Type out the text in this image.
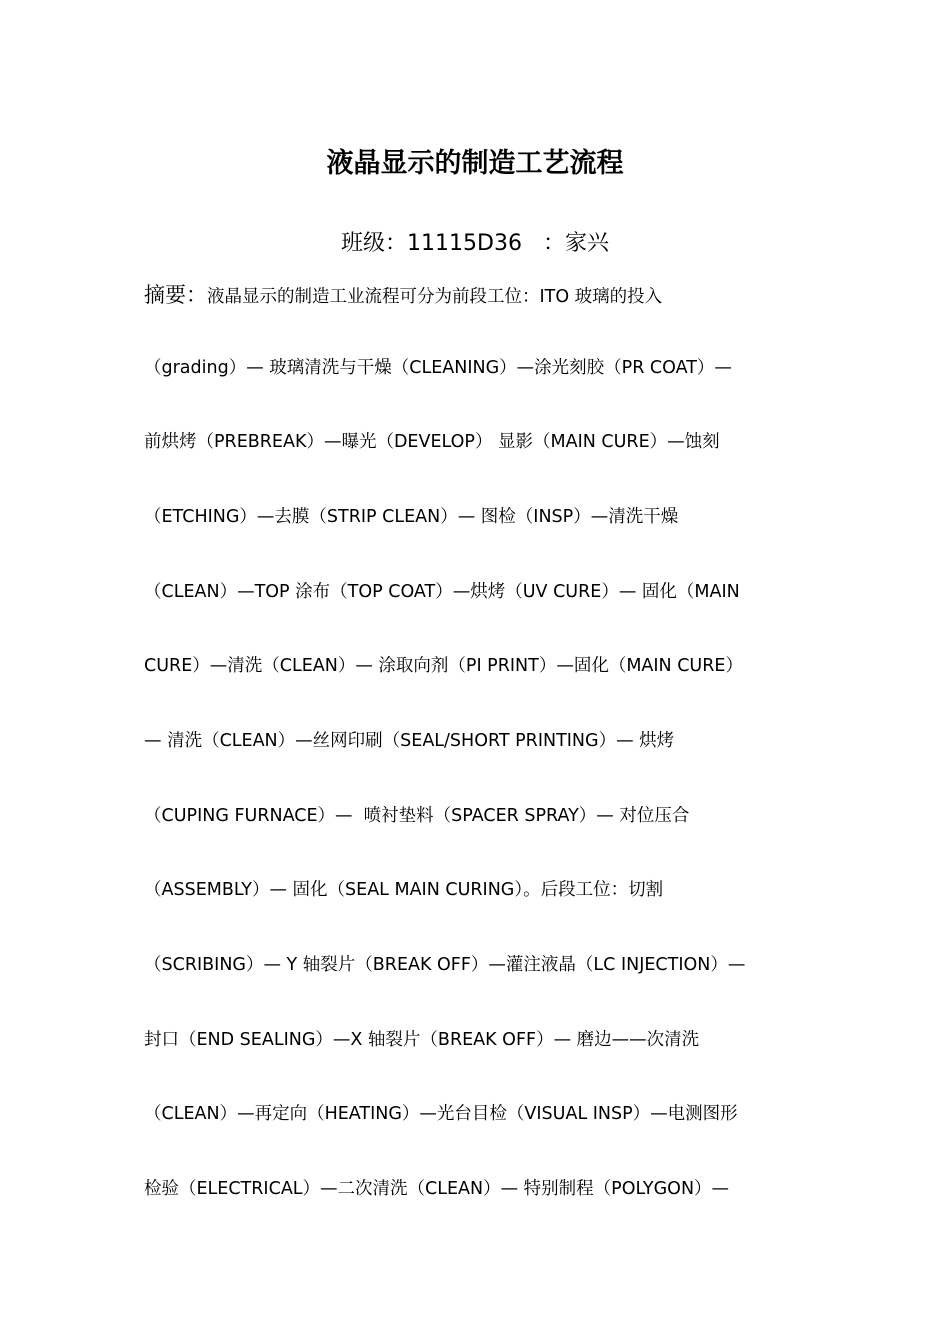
液晶显示的制造工艺流程
班级：11115D36   ：家兴
摘要：液晶显示的制造工业流程可分为前段工位：ITO 玻璃的投入
（grading）— 玻璃清洗与干燥（CLEANING）—涂光刻胶（PR COAT）—
前烘烤（PREBREAK）—曝光（DEVELOP） 显影（MAIN CURE）—蚀刻
（ETCHING）—去膜（STRIP CLEAN）— 图检（INSP）—清洗干燥
（CLEAN）—TOP 涂布（TOP COAT）—烘烤（UV CURE）— 固化（MAIN
CURE）—清洗（CLEAN）— 涂取向剂（PI PRINT）—固化（MAIN CURE）
— 清洗（CLEAN）—丝网印刷（SEAL/SHORT PRINTING）— 烘烤
（CUPING FURNACE）—  喷衬垫料（SPACER SPRAY）— 对位压合
（ASSEMBLY）— 固化（SEAL MAIN CURING）。后段工位：切割
（SCRIBING）— Y 轴裂片（BREAK OFF）—灌注液晶（LC INJECTION）—
封口（END SEALING）—X 轴裂片（BREAK OFF）— 磨边——次清洗
（CLEAN）—再定向（HEATING）—光台目检（VISUAL INSP）—电测图形
检验（ELECTRICAL）—二次清洗（CLEAN）— 特别制程（POLYGON）—
